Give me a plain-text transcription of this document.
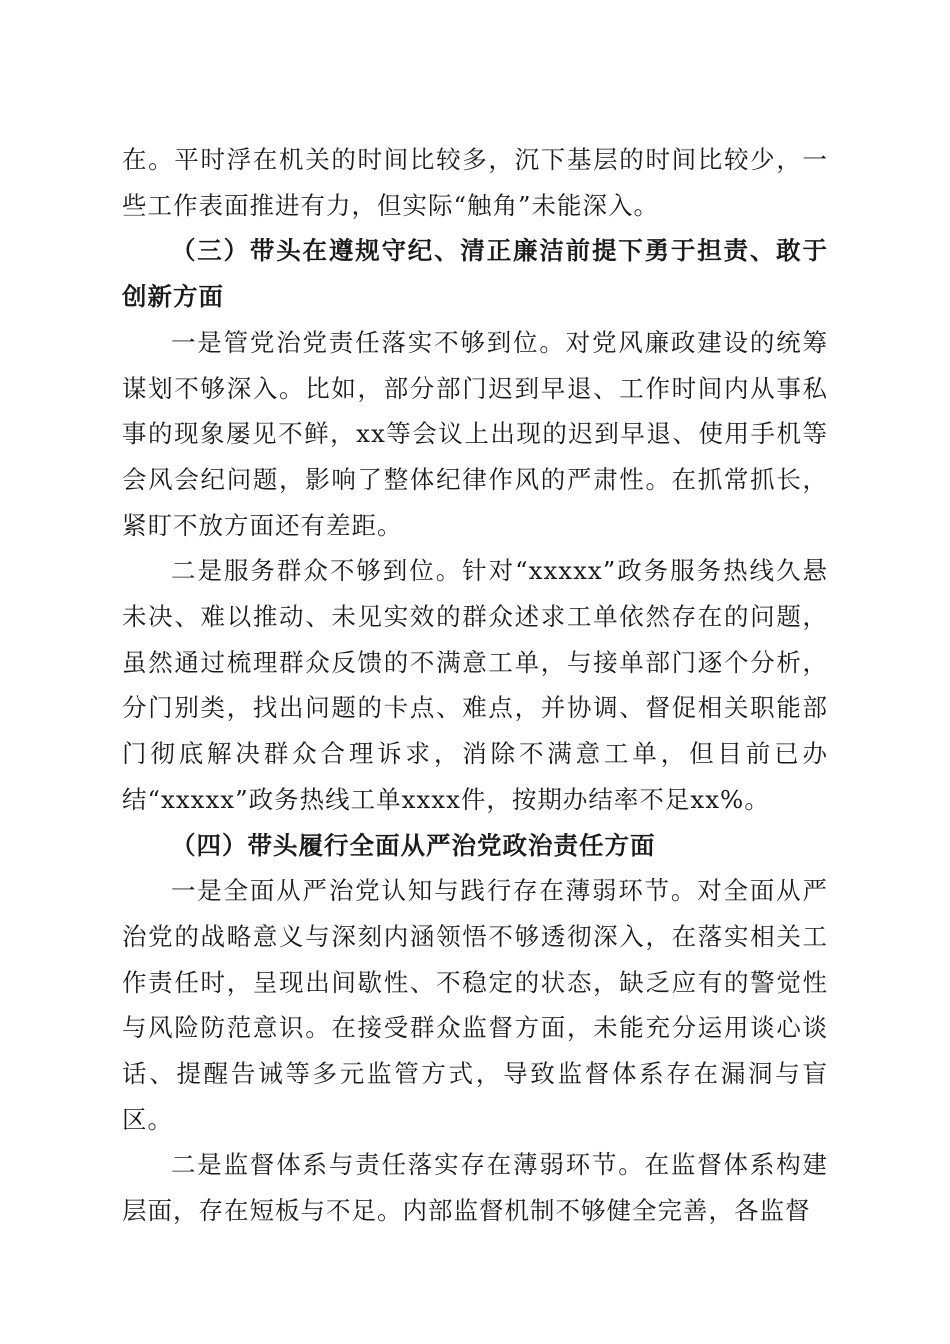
在。平时浮在机关的时间比较多，沉下基层的时间比较少，一些工作表面推进有力，但实际“触角”未能深入。

（三）带头在遵规守纪、清正廉洁前提下勇于担责、敢于创新方面

一是管党治党责任落实不够到位。对党风廉政建设的统筹谋划不够深入。比如，部分部门迟到早退、工作时间内从事私事的现象屡见不鲜，xx等会议上出现的迟到早退、使用手机等会风会纪问题，影响了整体纪律作风的严肃性。在抓常抓长，紧盯不放方面还有差距。

二是服务群众不够到位。针对“xxxxx”政务服务热线久悬未决、难以推动、未见实效的群众述求工单依然存在的问题，虽然通过梳理群众反馈的不满意工单，与接单部门逐个分析，分门别类，找出问题的卡点、难点，并协调、督促相关职能部门彻底解决群众合理诉求，消除不满意工单，但目前已办结“xxxxx”政务热线工单xxxx件，按期办结率不足xx%。

（四）带头履行全面从严治党政治责任方面

一是全面从严治党认知与践行存在薄弱环节。对全面从严治党的战略意义与深刻内涵领悟不够透彻深入，在落实相关工作责任时，呈现出间歇性、不稳定的状态，缺乏应有的警觉性与风险防范意识。在接受群众监督方面，未能充分运用谈心谈话、提醒告诫等多元监管方式，导致监督体系存在漏洞与盲区。

二是监督体系与责任落实存在薄弱环节。在监督体系构建层面，存在短板与不足。内部监督机制不够健全完善，各监督
